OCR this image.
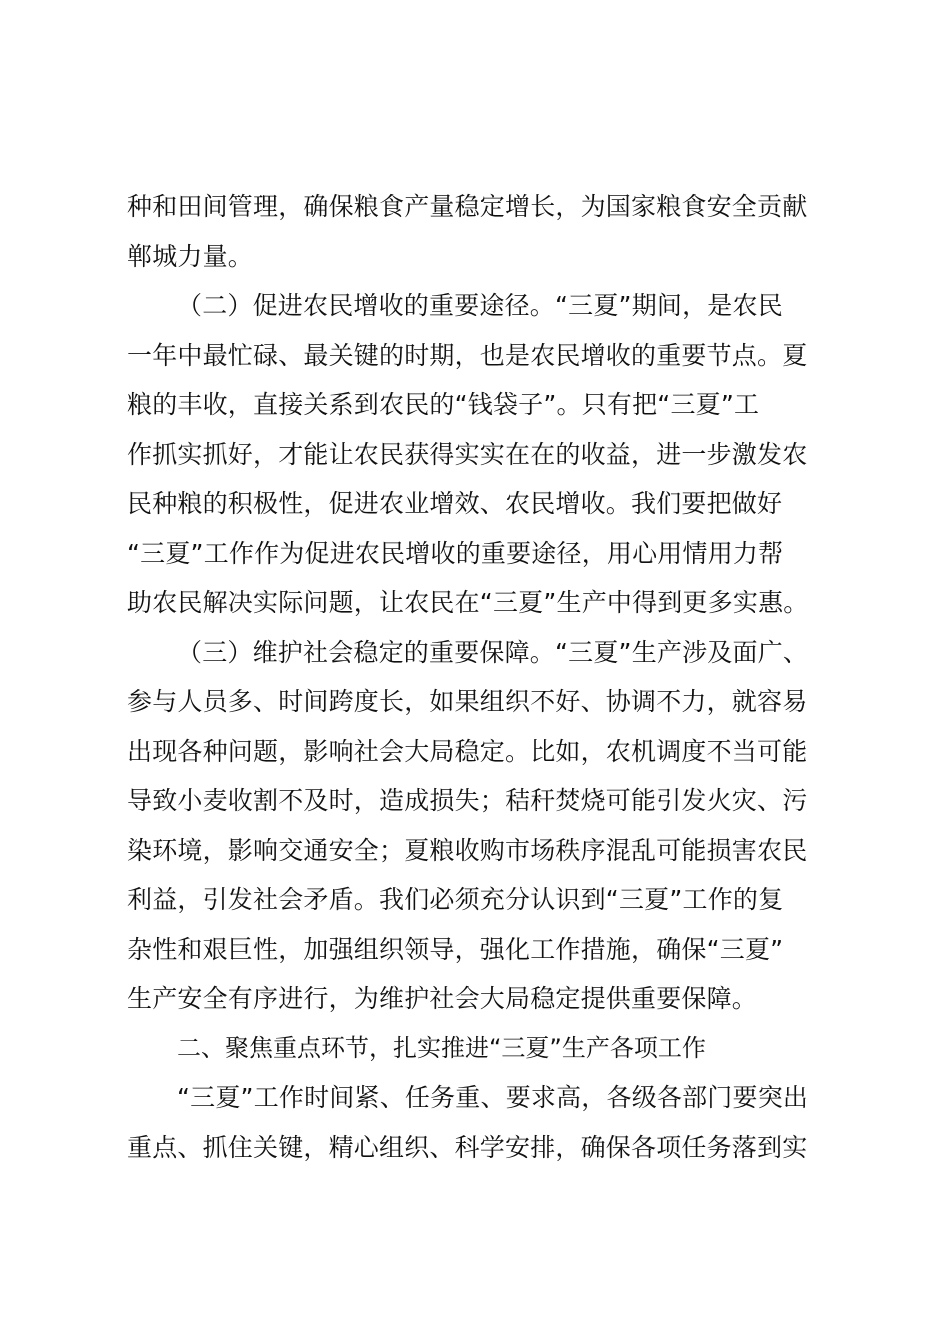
种和田间管理，确保粮食产量稳定增长，为国家粮食安全贡献
郸城力量。
（二）促进农民增收的重要途径。“三夏”期间，是农民
一年中最忙碌、最关键的时期，也是农民增收的重要节点。夏
粮的丰收，直接关系到农民的“钱袋子”。只有把“三夏”工
作抓实抓好，才能让农民获得实实在在的收益，进一步激发农
民种粮的积极性，促进农业增效、农民增收。我们要把做好
“三夏”工作作为促进农民增收的重要途径，用心用情用力帮
助农民解决实际问题，让农民在“三夏”生产中得到更多实惠。
（三）维护社会稳定的重要保障。“三夏”生产涉及面广、
参与人员多、时间跨度长，如果组织不好、协调不力，就容易
出现各种问题，影响社会大局稳定。比如，农机调度不当可能
导致小麦收割不及时，造成损失；秸秆焚烧可能引发火灾、污
染环境，影响交通安全；夏粮收购市场秩序混乱可能损害农民
利益，引发社会矛盾。我们必须充分认识到“三夏”工作的复
杂性和艰巨性，加强组织领导，强化工作措施，确保“三夏”
生产安全有序进行，为维护社会大局稳定提供重要保障。
二、聚焦重点环节，扎实推进“三夏”生产各项工作
“三夏”工作时间紧、任务重、要求高，各级各部门要突出
重点、抓住关键，精心组织、科学安排，确保各项任务落到实
